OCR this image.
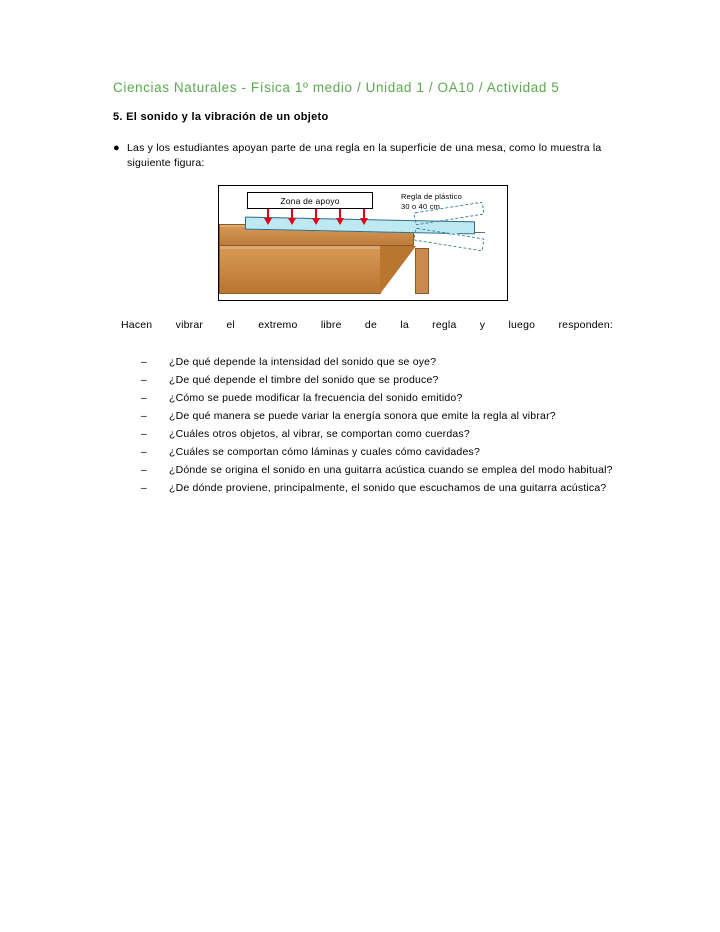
Ciencias Naturales - Física 1º medio / Unidad 1 / OA10 / Actividad 5
5. El sonido y la vibración de un objeto
● Las y los estudiantes apoyan parte de una regla en la superficie de una mesa, como lo muestra la siguiente figura:
Zona de apoyo	Regla de plástico
30 o 40 cm
Hacen vibrar el extremo libre de la regla y luego responden:
–	¿De qué depende la intensidad del sonido que se oye?
–	¿De qué depende el timbre del sonido que se produce?
–	¿Cómo se puede modificar la frecuencia del sonido emitido?
–	¿De qué manera se puede variar la energía sonora que emite la regla al vibrar?
–	¿Cuáles otros objetos, al vibrar, se comportan como cuerdas?
–	¿Cuáles se comportan cómo láminas y cuales cómo cavidades?
–	¿Dónde se origina el sonido en una guitarra acústica cuando se emplea del modo habitual?
–	¿De dónde proviene, principalmente, el sonido que escuchamos de una guitarra acústica?
